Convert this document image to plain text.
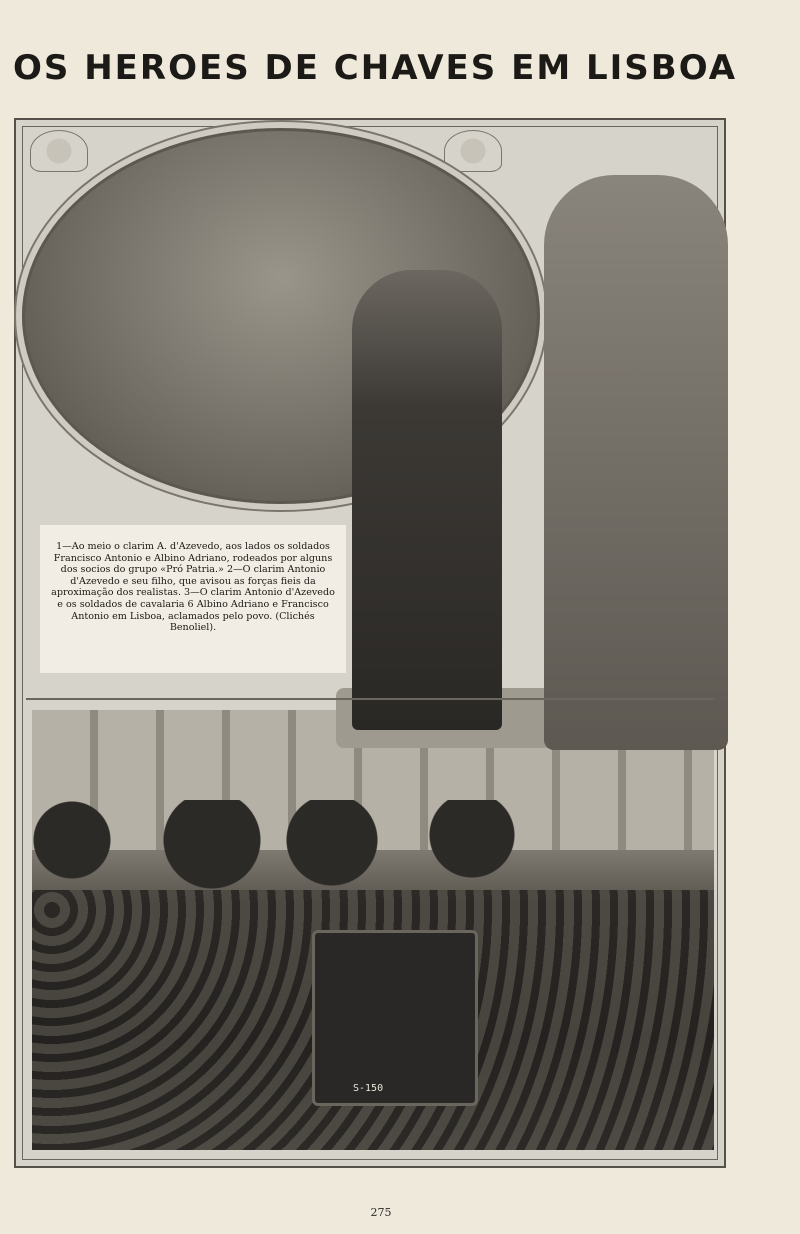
OS HEROES DE CHAVES EM LISBOA
1—Ao meio o clarim A. d'Azevedo, aos lados os soldados Francisco Antonio e Albino Adriano, rodeados por alguns dos socios do grupo «Pró Patria.» 2—O clarim Antonio d'Azevedo e seu filho, que avisou as forças fieis da aproximação dos realistas. 3—O clarim Antonio d'Azevedo e os soldados de cavalaria 6 Albino Adriano e Francisco Antonio em Lisboa, aclamados pelo povo. (Clichés Benoliel).
S-150
275
